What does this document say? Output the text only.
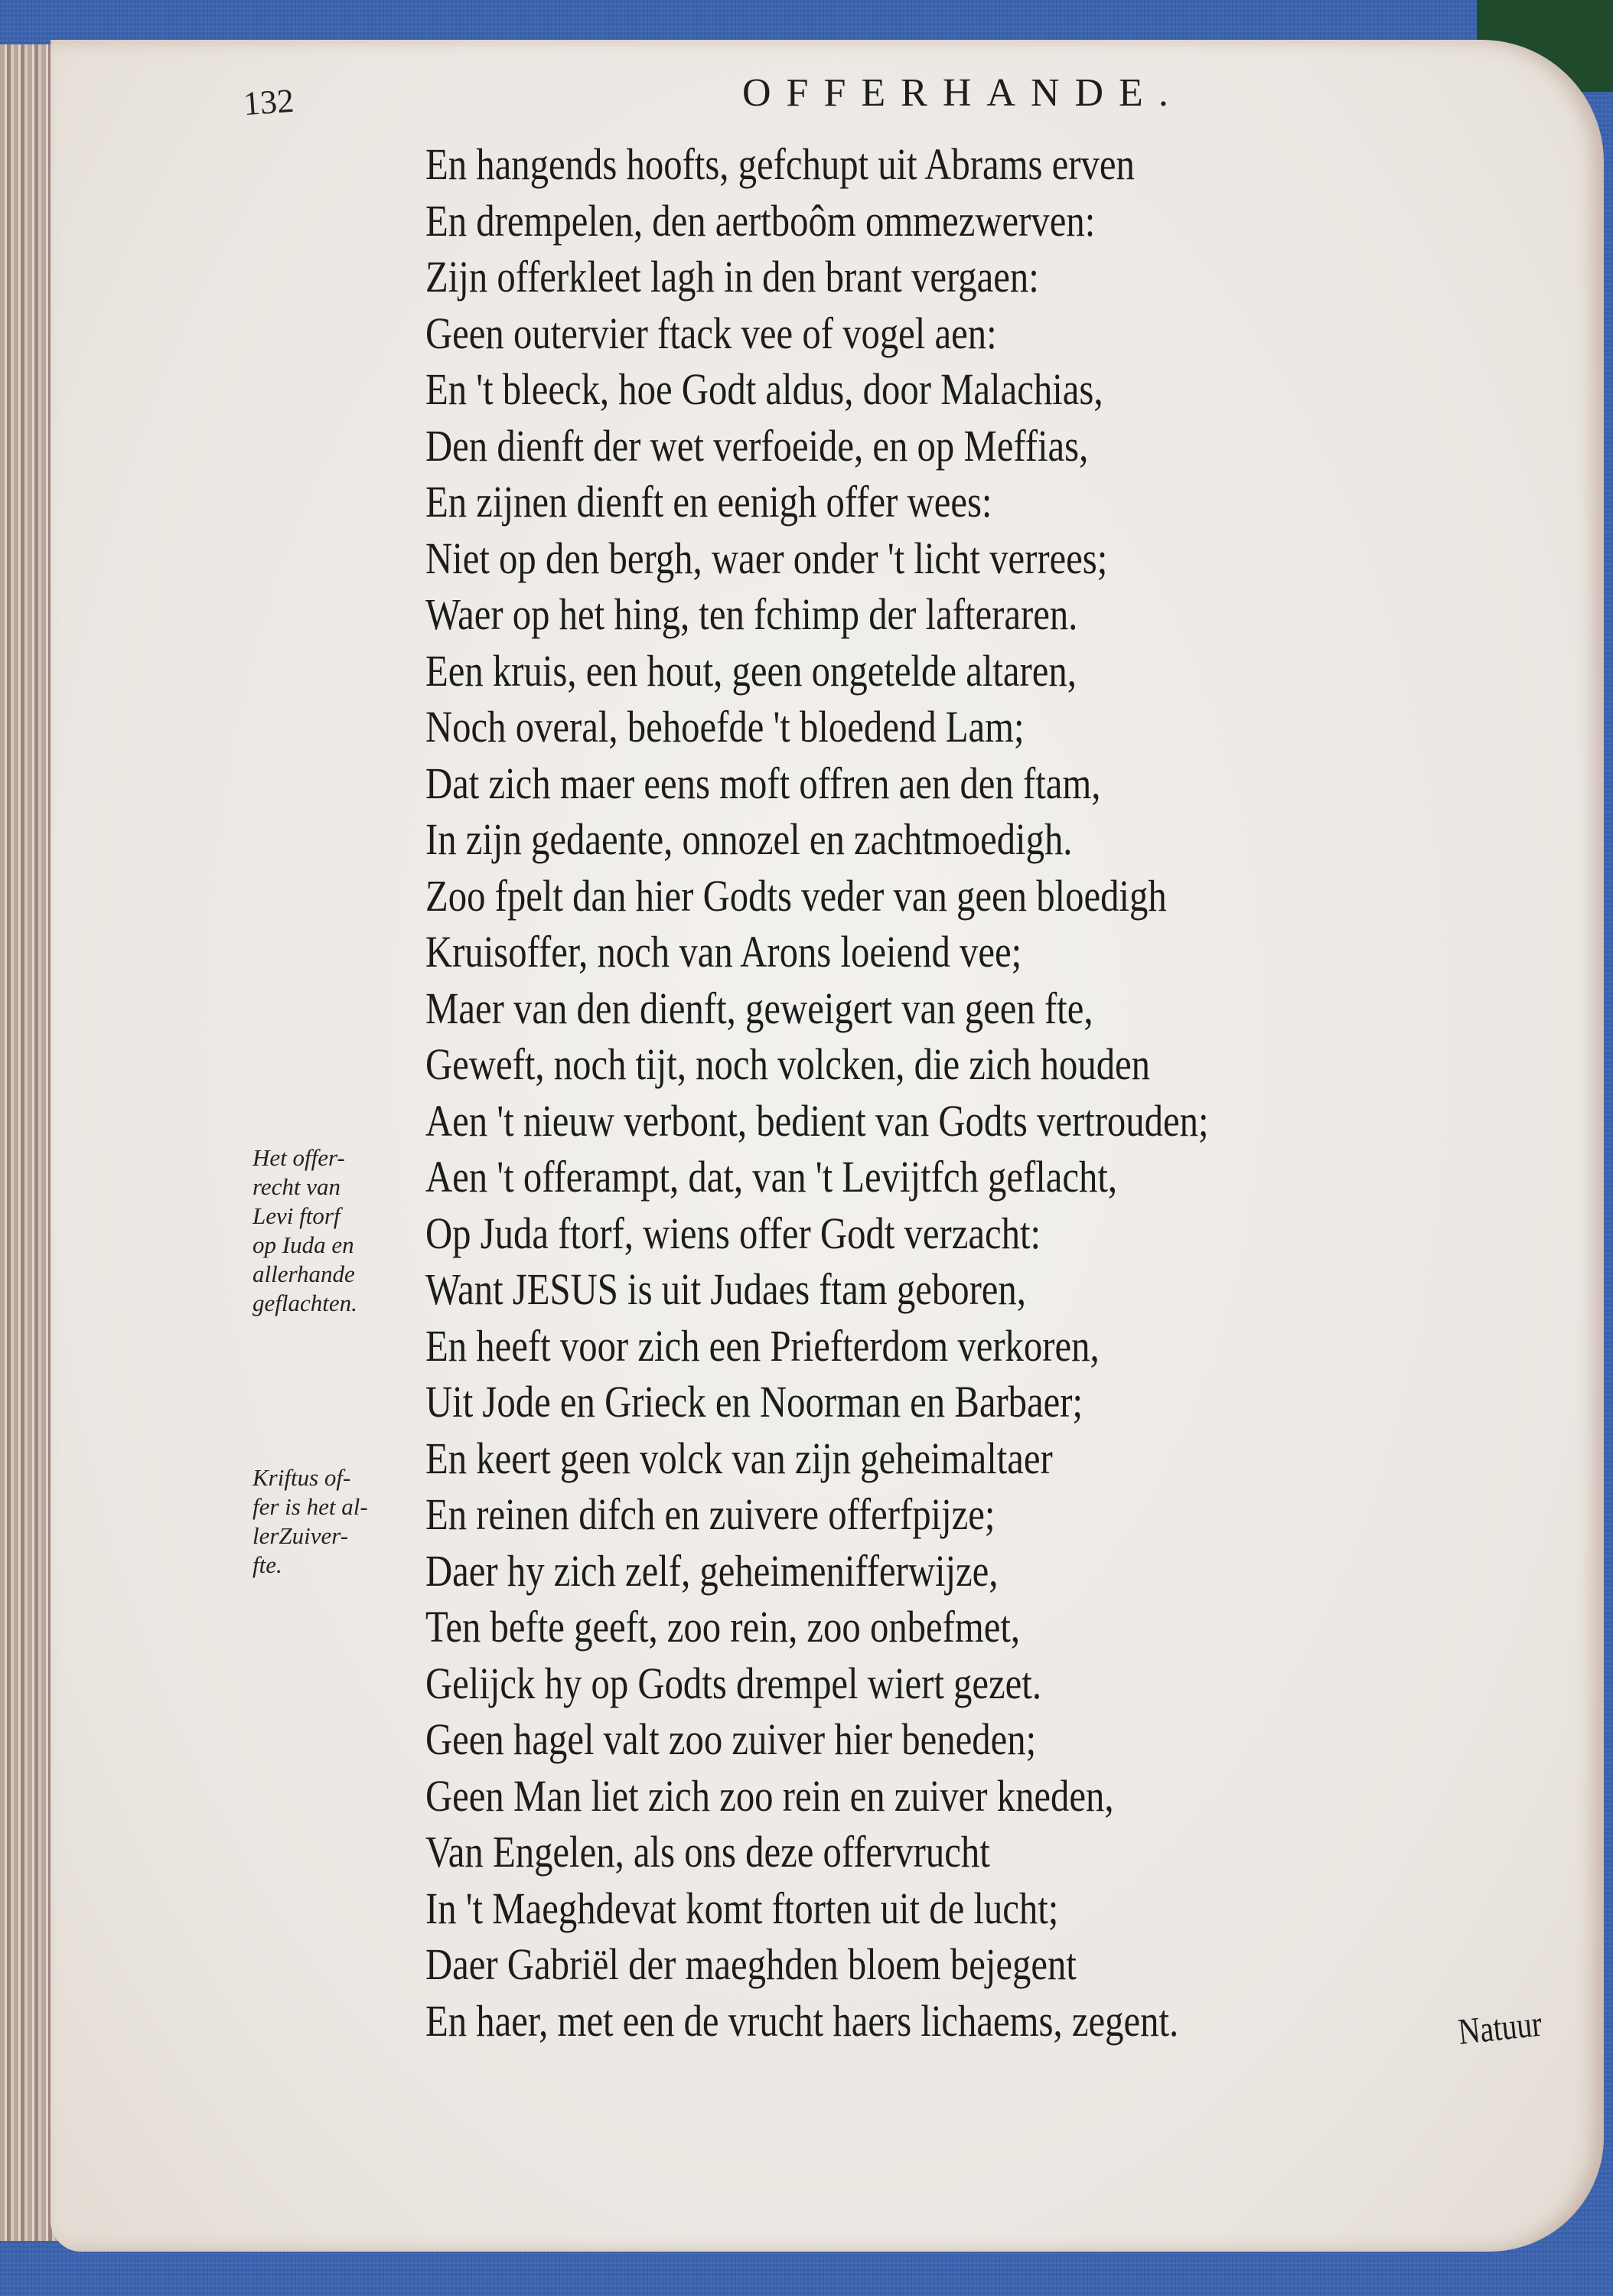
132	OFFERHANDE.
En hangends hoofts, gefchupt uit Abrams erven
En drempelen, den aertboôm ommezwerven:
Zijn offerkleet lagh in den brant vergaen:
Geen outervier ftack vee of vogel aen:
En 't bleeck, hoe Godt aldus, door Malachias,
Den dienft der wet verfoeide, en op Meffias,
En zijnen dienft en eenigh offer wees:
Niet op den bergh, waer onder 't licht verrees;
Waer op het hing, ten fchimp der lafteraren.
Een kruis, een hout, geen ongetelde altaren,
Noch overal, behoefde 't bloedend Lam;
Dat zich maer eens moft offren aen den ftam,
In zijn gedaente, onnozel en zachtmoedigh.
Zoo fpelt dan hier Godts veder van geen bloedigh
Kruisoffer, noch van Arons loeiend vee;
Maer van den dienft, geweigert van geen fte,
Geweft, noch tijt, noch volcken, die zich houden
Aen 't nieuw verbont, bedient van Godts vertrouden;
Aen 't offerampt, dat, van 't Levijtfch geflacht,
Op Juda ftorf, wiens offer Godt verzacht:
Want JESUS is uit Judaes ftam geboren,
En heeft voor zich een Priefterdom verkoren,
Uit Jode en Grieck en Noorman en Barbaer;
En keert geen volck van zijn geheimaltaer
En reinen difch en zuivere offerfpijze;
Daer hy zich zelf, geheimenifferwijze,
Ten befte geeft, zoo rein, zoo onbefmet,
Gelijck hy op Godts drempel wiert gezet.
Geen hagel valt zoo zuiver hier beneden;
Geen Man liet zich zoo rein en zuiver kneden,
Van Engelen, als ons deze offervrucht
In 't Maeghdevat komt ftorten uit de lucht;
Daer Gabriël der maeghden bloem bejegent
En haer, met een de vrucht haers lichaems, zegent.
Het offer-
recht van
Levi ftorf
op Iuda en
allerhande
geflachten.
Kriftus of-
fer is het al-
lerZuiver-
fte.
Natuur
